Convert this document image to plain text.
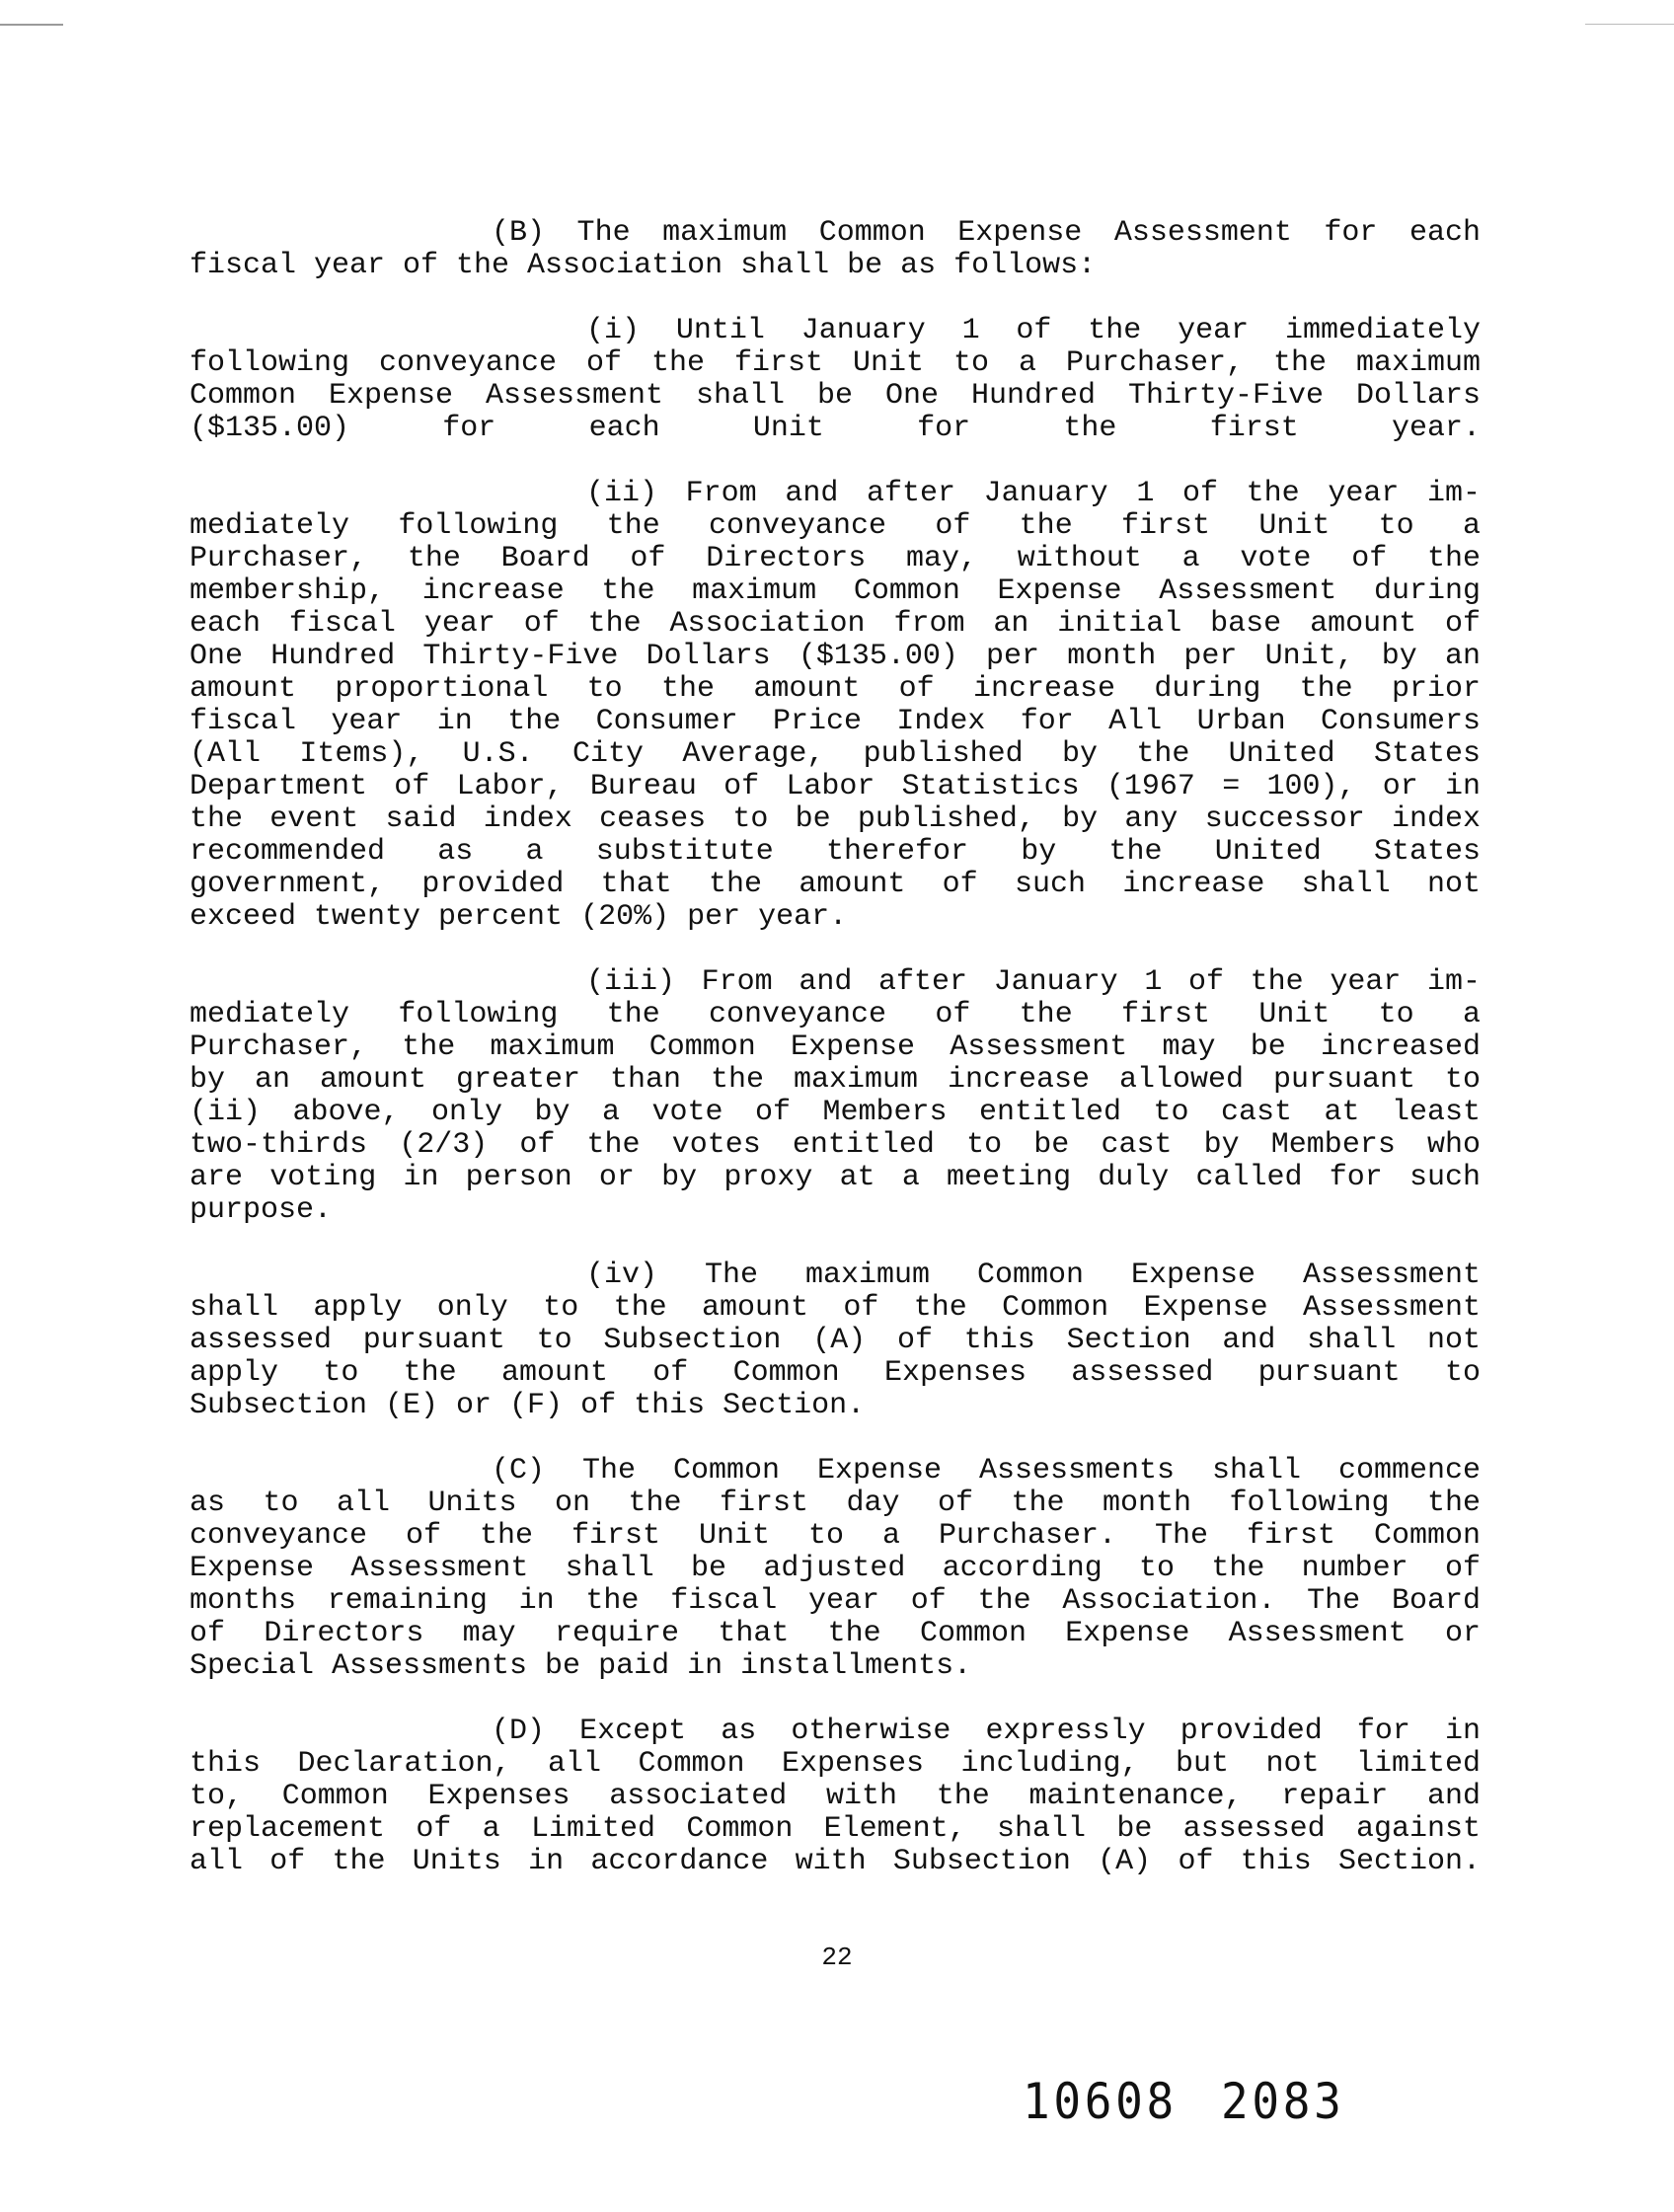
(B) The maximum Common Expense Assessment for each
fiscal year of the Association shall be as follows:
(i) Until January 1 of the year immediately
following conveyance of the first Unit to a Purchaser, the maximum
Common Expense Assessment shall be One Hundred Thirty-Five Dollars
($135.00) for each Unit for the first year.
(ii) From and after January 1 of the year im-
mediately following the conveyance of the first Unit to a
Purchaser, the Board of Directors may, without a vote of the
membership, increase the maximum Common Expense Assessment during
each fiscal year of the Association from an initial base amount of
One Hundred Thirty-Five Dollars ($135.00) per month per Unit, by an
amount proportional to the amount of increase during the prior
fiscal year in the Consumer Price Index for All Urban Consumers
(All Items), U.S. City Average, published by the United States
Department of Labor, Bureau of Labor Statistics (1967 = 100), or in
the event said index ceases to be published, by any successor index
recommended as a substitute therefor by the United States
government, provided that the amount of such increase shall not
exceed twenty percent (20%) per year.
(iii) From and after January 1 of the year im-
mediately following the conveyance of the first Unit to a
Purchaser, the maximum Common Expense Assessment may be increased
by an amount greater than the maximum increase allowed pursuant to
(ii) above, only by a vote of Members entitled to cast at least
two-thirds (2/3) of the votes entitled to be cast by Members who
are voting in person or by proxy at a meeting duly called for such
purpose.
(iv) The maximum Common Expense Assessment
shall apply only to the amount of the Common Expense Assessment
assessed pursuant to Subsection (A) of this Section and shall not
apply to the amount of Common Expenses assessed pursuant to
Subsection (E) or (F) of this Section.
(C) The Common Expense Assessments shall commence
as to all Units on the first day of the month following the
conveyance of the first Unit to a Purchaser. The first Common
Expense Assessment shall be adjusted according to the number of
months remaining in the fiscal year of the Association. The Board
of Directors may require that the Common Expense Assessment or
Special Assessments be paid in installments.
(D) Except as otherwise expressly provided for in
this Declaration, all Common Expenses including, but not limited
to, Common Expenses associated with the maintenance, repair and
replacement of a Limited Common Element, shall be assessed against
all of the Units in accordance with Subsection (A) of this Section.
22
10608 2083
